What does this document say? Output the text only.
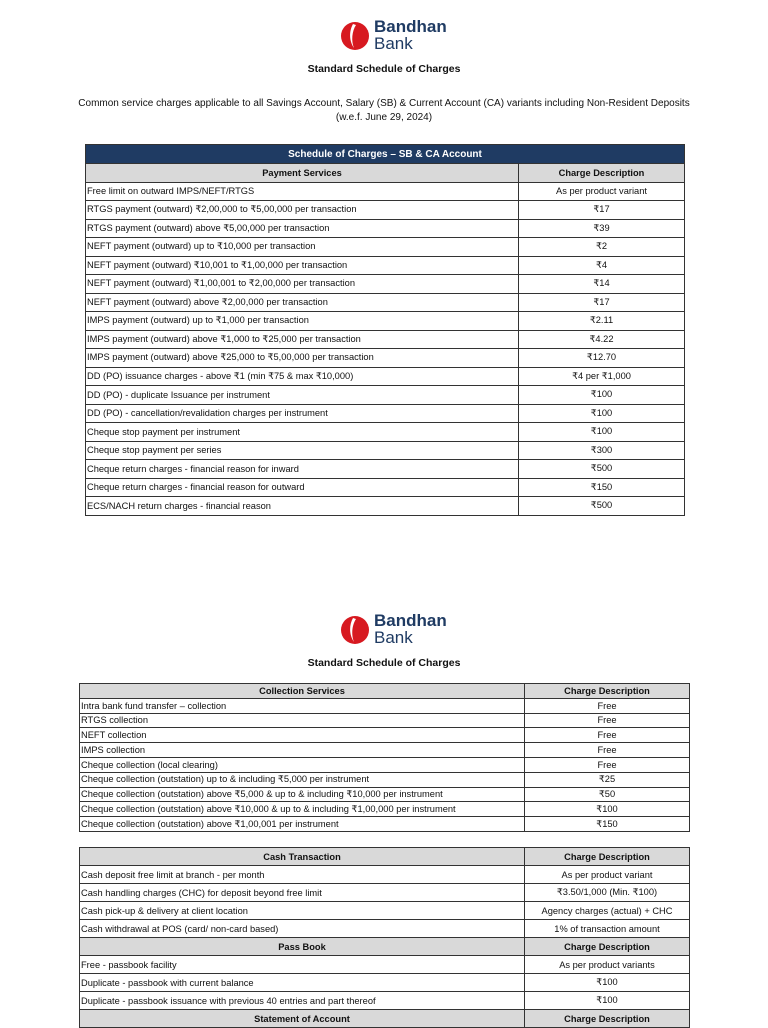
Bandhan
Bank
Standard Schedule of Charges
Common service charges applicable to all Savings Account, Salary (SB) & Current Account (CA) variants including Non-Resident Deposits
(w.e.f. June 29, 2024)
Schedule of Charges – SB & CA Account	
Payment Services	Charge Description
Free limit on outward IMPS/NEFT/RTGS	As per product variant
RTGS payment (outward) ₹2,00,000 to ₹5,00,000 per transaction	₹17
RTGS payment (outward) above ₹5,00,000 per transaction	₹39
NEFT payment (outward) up to ₹10,000 per transaction	₹2
NEFT payment (outward) ₹10,001 to ₹1,00,000 per transaction	₹4
NEFT payment (outward) ₹1,00,001 to ₹2,00,000 per transaction	₹14
NEFT payment (outward) above ₹2,00,000 per transaction	₹17
IMPS payment (outward) up to ₹1,000 per transaction	₹2.11
IMPS payment (outward) above ₹1,000 to ₹25,000 per transaction	₹4.22
IMPS payment (outward) above ₹25,000 to ₹5,00,000 per transaction	₹12.70
DD (PO) issuance charges - above ₹1 (min ₹75 & max ₹10,000)	₹4 per ₹1,000
DD (PO) - duplicate Issuance per instrument	₹100
DD (PO) - cancellation/revalidation charges per instrument	₹100
Cheque stop payment per instrument	₹100
Cheque stop payment per series	₹300
Cheque return charges - financial reason for inward	₹500
Cheque return charges - financial reason for outward	₹150
ECS/NACH return charges - financial reason	₹500
Bandhan
Bank
Standard Schedule of Charges
Collection Services	Charge Description
Intra bank fund transfer – collection	Free
RTGS collection	Free
NEFT collection	Free
IMPS collection	Free
Cheque collection (local clearing)	Free
Cheque collection (outstation) up to & including ₹5,000 per instrument	₹25
Cheque collection (outstation) above ₹5,000 & up to & including ₹10,000 per instrument	₹50
Cheque collection (outstation) above ₹10,000 & up to & including ₹1,00,000 per instrument	₹100
Cheque collection (outstation) above ₹1,00,001 per instrument	₹150
Cash Transaction	Charge Description
Cash deposit free limit at branch - per month	As per product variant
Cash handling charges (CHC) for deposit beyond free limit	₹3.50/1,000 (Min. ₹100)
Cash pick-up & delivery at client location	Agency charges (actual) + CHC
Cash withdrawal at POS (card/ non-card based)	1% of transaction amount
Pass Book	Charge Description
Free - passbook facility	As per product variants
Duplicate - passbook with current balance	₹100
Duplicate - passbook issuance with previous 40 entries and part thereof	₹100
Statement of Account	Charge Description
